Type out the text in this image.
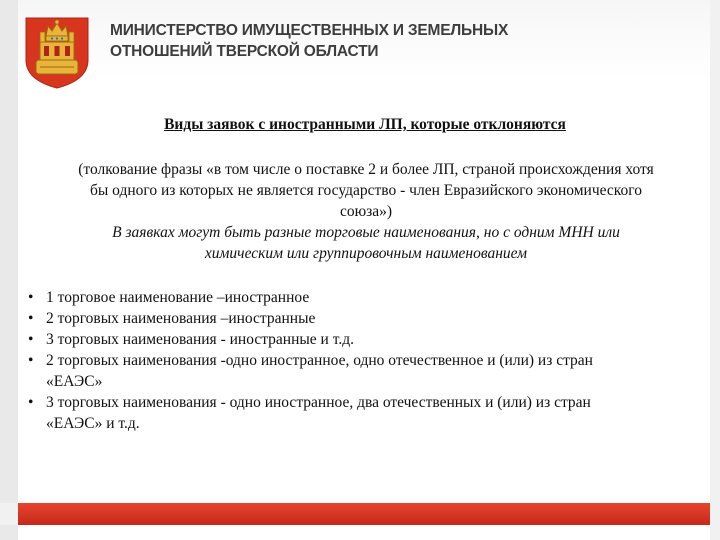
МИНИСТЕРСТВО ИМУЩЕСТВЕННЫХ И ЗЕМЕЛЬНЫХ
ОТНОШЕНИЙ ТВЕРСКОЙ ОБЛАСТИ
Виды заявок с иностранными ЛП, которые отклоняются
(толкование фразы «в том числе о поставке 2 и более ЛП, страной происхождения хотя
бы одного из которых не является государство - член Евразийского экономического
союза»)
В заявках могут быть разные торговые наименования, но с одним МНН или
химическим или группировочным наименованием
• 1 торговое наименование –иностранное
• 2 торговых наименования –иностранные
• 3 торговых наименования - иностранные и т.д.
• 2 торговых наименования -одно иностранное, одно отечественное и (или) из стран
«ЕАЭС»
• 3 торговых наименования - одно иностранное, два отечественных и (или) из стран
«ЕАЭС» и т.д.
